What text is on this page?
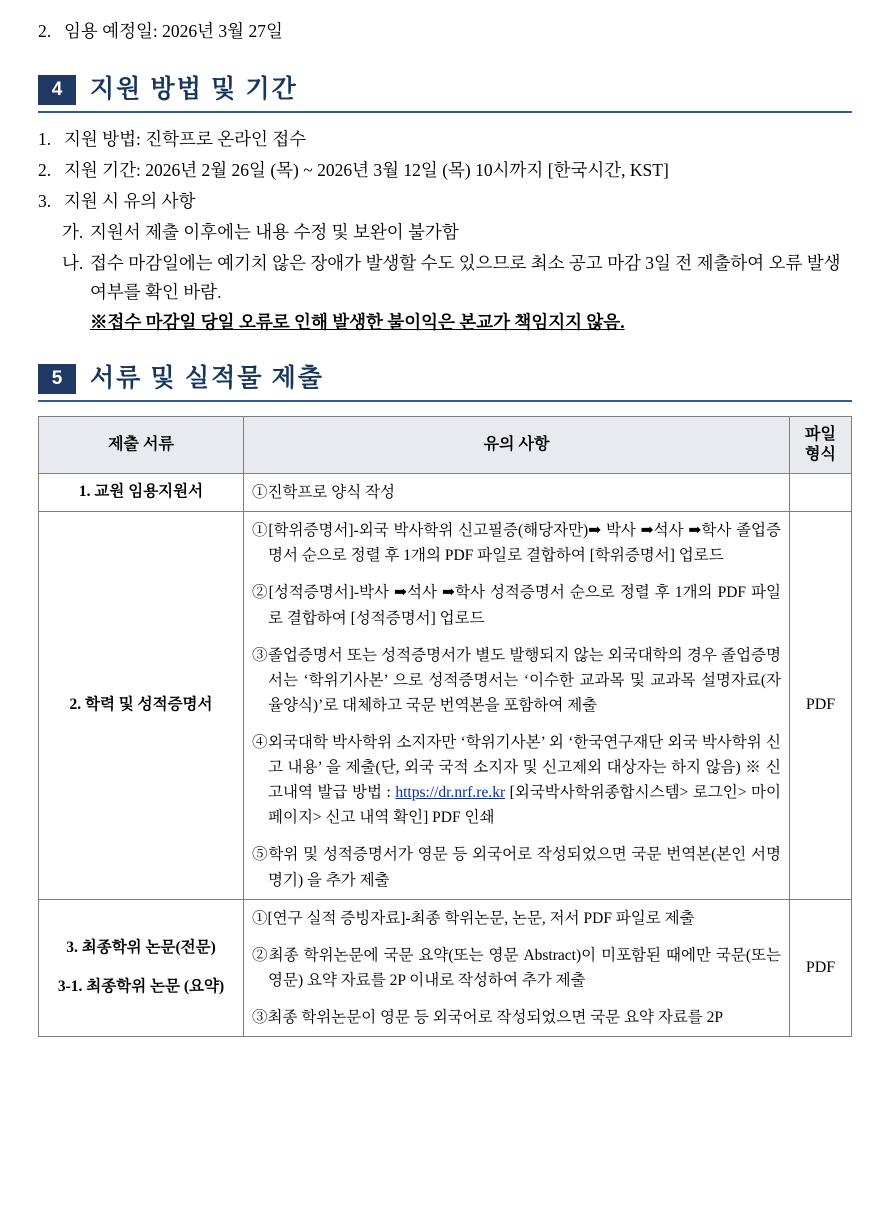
2. 임용 예정일: 2026년 3월 27일
4	지원 방법 및 기간
1. 지원 방법: 진학프로 온라인 접수
2. 지원 기간: 2026년 2월 26일 (목) ~ 2026년 3월 12일 (목) 10시까지 [한국시간, KST]
3. 지원 시 유의 사항
가. 지원서 제출 이후에는 내용 수정 및 보완이 불가함
나. 접수 마감일에는 예기치 않은 장애가 발생할 수도 있으므로 최소 공고 마감 3일 전 제출하여 오류 발생 여부를 확인 바람.
※접수 마감일 당일 오류로 인해 발생한 불이익은 본교가 책임지지 않음.
5	서류 및 실적물 제출
제출 서류	유의 사항	파일
형식

1. 교원 임용지원서	①진학프로 양식 작성	

2. 학력 및 성적증명서	①[학위증명서]-외국 박사학위 신고필증(해당자만)➡ 박사 ➡석사 ➡학사 졸업증명서 순으로 정렬 후 1개의 PDF 파일로 결합하여 [학위증명서] 업로드

②[성적증명서]-박사 ➡석사 ➡학사 성적증명서 순으로 정렬 후 1개의 PDF 파일로 결합하여 [성적증명서] 업로드

③졸업증명서 또는 성적증명서가 별도 발행되지 않는 외국대학의 경우 졸업증명서는 ‘학위기사본’ 으로 성적증명서는 ‘이수한 교과목 및 교과목 설명자료(자율양식)’로 대체하고 국문 번역본을 포함하여 제출

④외국대학 박사학위 소지자만 ‘학위기사본’ 외 ‘한국연구재단 외국 박사학위 신고 내용’ 을 제출(단, 외국 국적 소지자 및 신고제외 대상자는 하지 않음) ※ 신고내역 발급 방법 : https://dr.nrf.re.kr [외국박사학위종합시스템> 로그인> 마이페이지> 신고 내역 확인] PDF 인쇄

⑤학위 및 성적증명서가 영문 등 외국어로 작성되었으면 국문 번역본(본인 서명 명기) 을 추가 제출	PDF

3. 최종학위 논문(전문)
3-1. 최종학위 논문 (요약)

①[연구 실적 증빙자료]-최종 학위논문, 논문, 저서 PDF 파일로 제출

②최종 학위논문에 국문 요약(또는 영문 Abstract)이 미포함된 때에만 국문(또는 영문) 요약 자료를 2P 이내로 작성하여 추가 제출

③최종 학위논문이 영문 등 외국어로 작성되었으면 국문 요약 자료를 2P

	PDF
